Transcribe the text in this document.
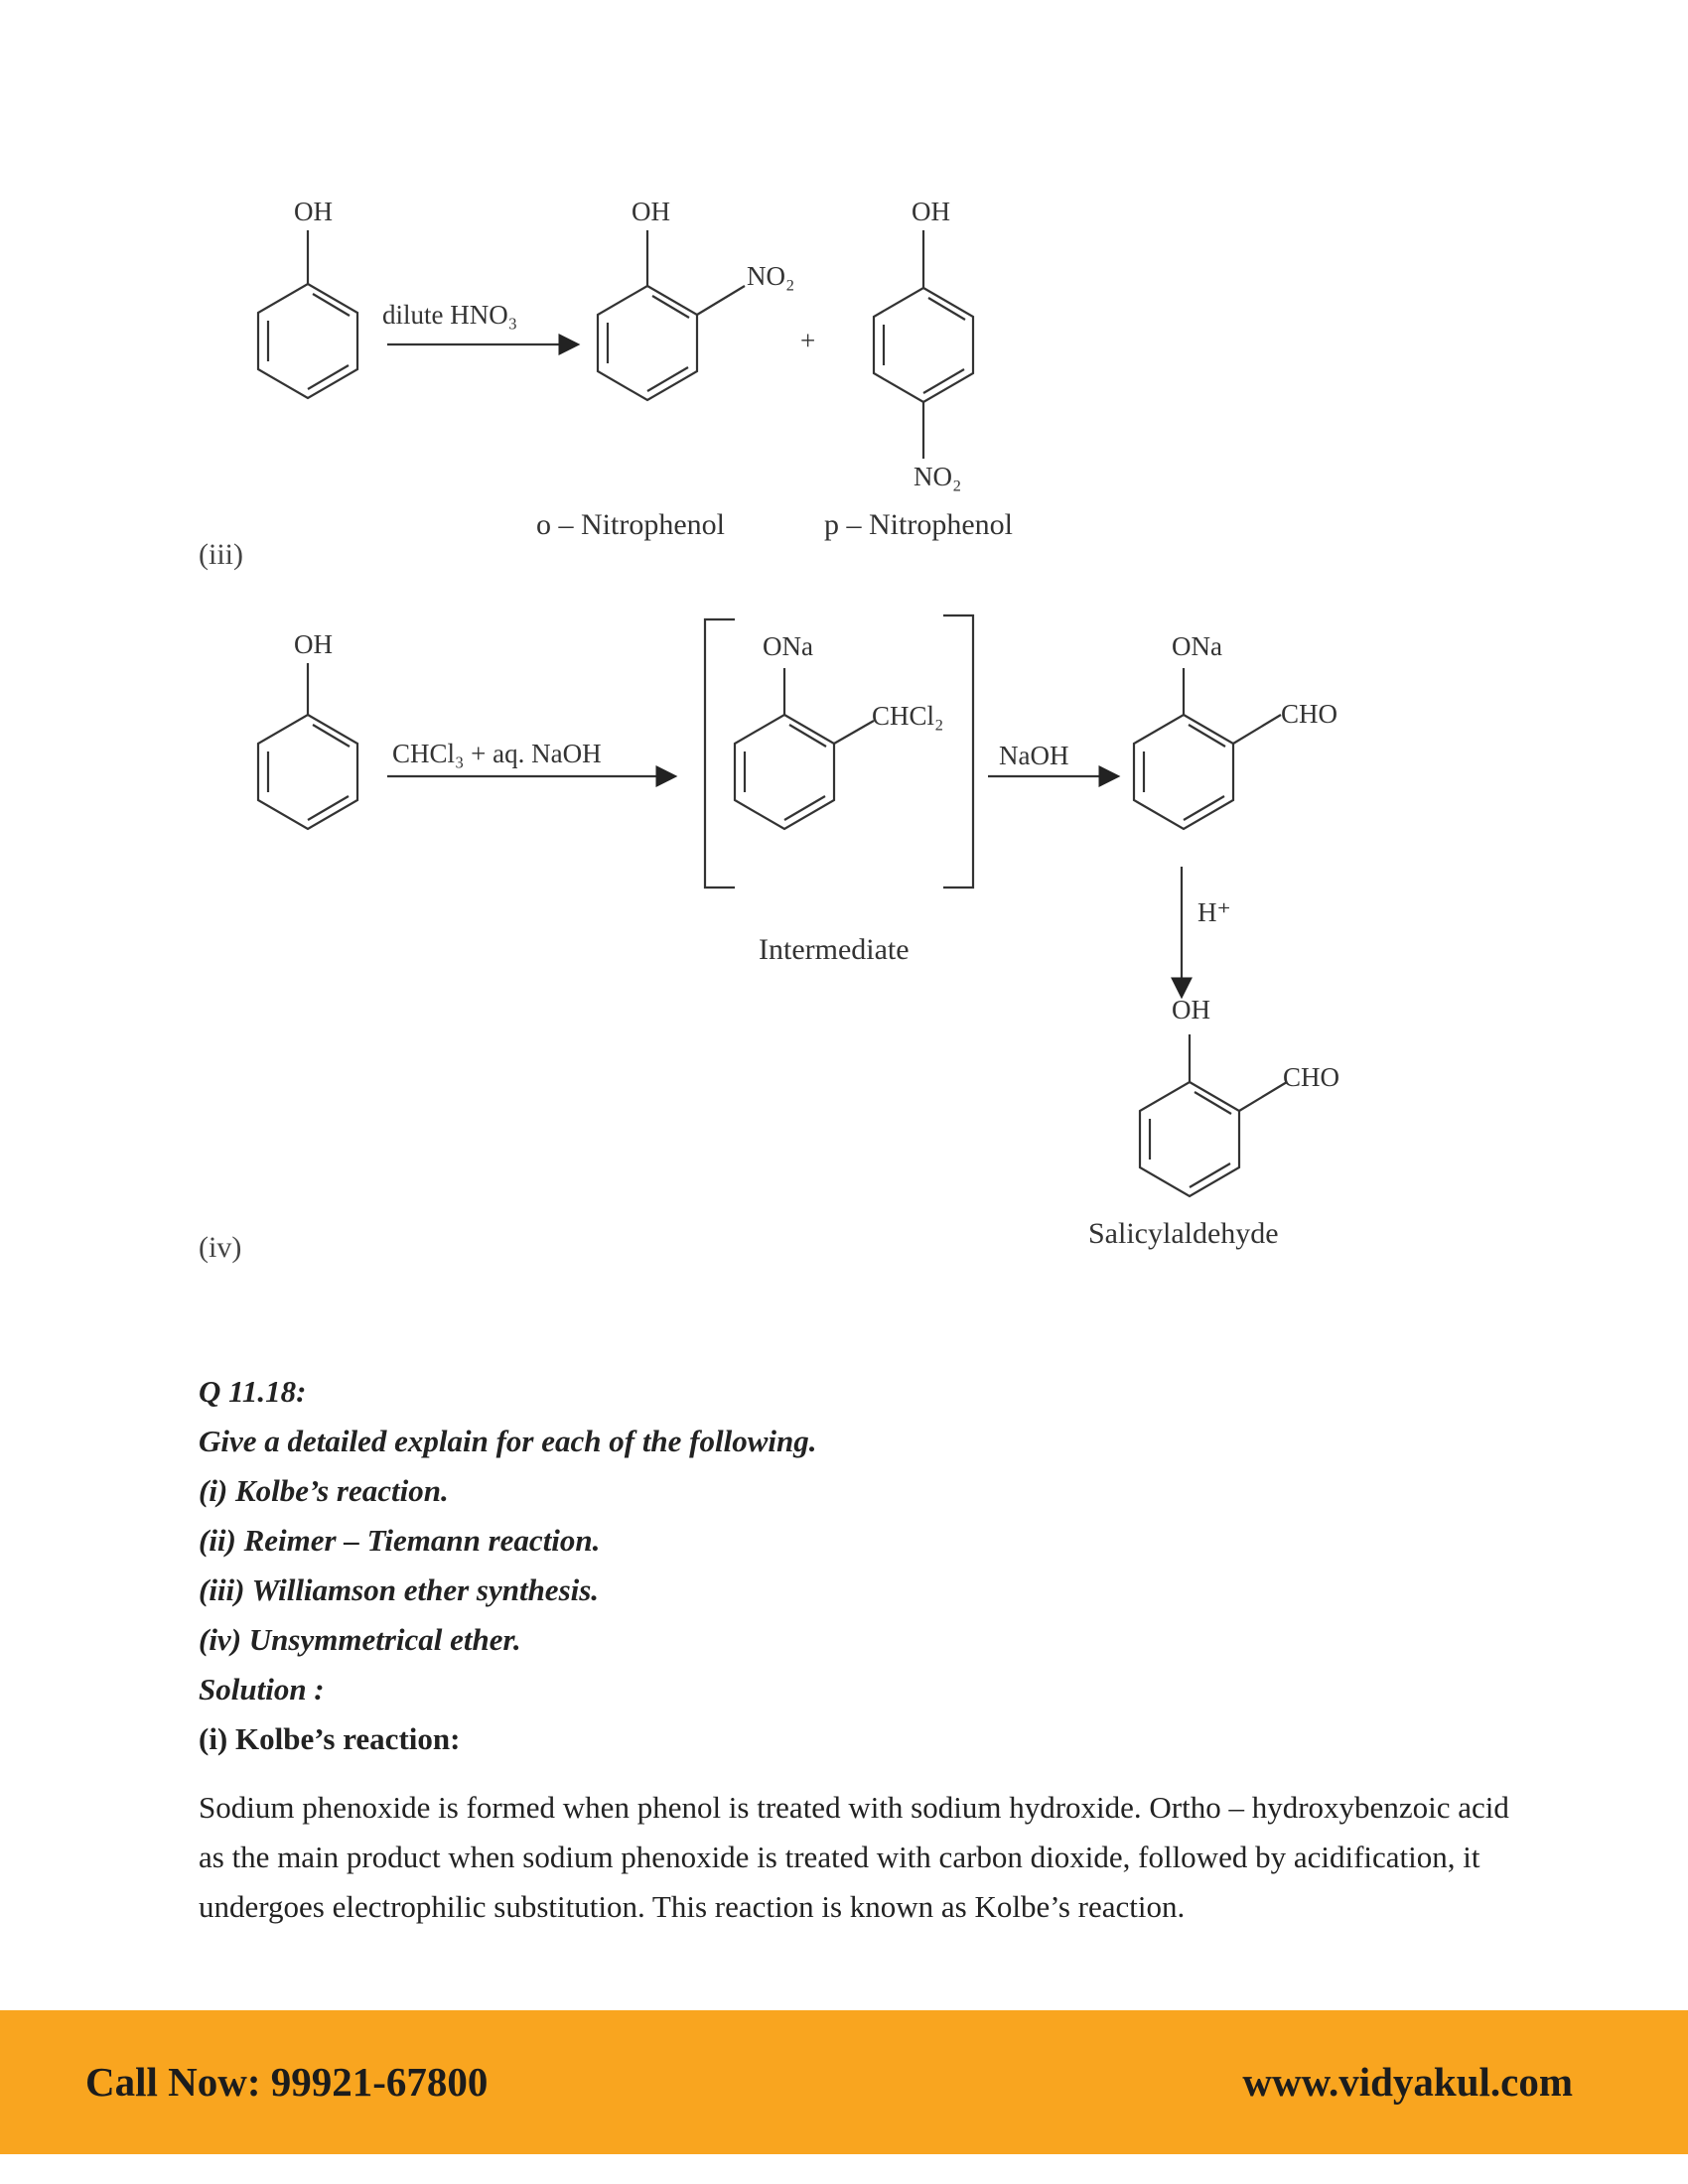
OH
dilute HNO₃
OH
NO₂
+
OH
NO₂
o – Nitrophenol	p – Nitrophenol
(iii)
OH
CHCl₃ + aq. NaOH
ONa
CHCl₂
Intermediate
NaOH
ONa
CHO
H⁺
OH
CHO
Salicylaldehyde
(iv)
Q 11.18:
Give a detailed explain for each of the following.
(i) Kolbe’s reaction.
(ii) Reimer – Tiemann reaction.
(iii) Williamson ether synthesis.
(iv) Unsymmetrical ether.
Solution :
(i) Kolbe’s reaction:
Sodium phenoxide is formed when phenol is treated with sodium hydroxide. Ortho – hydroxybenzoic acid as the main product when sodium phenoxide is treated with carbon dioxide, followed by acidification, it undergoes electrophilic substitution. This reaction is known as Kolbe’s reaction.
Call Now: 99921-67800	www.vidyakul.com
